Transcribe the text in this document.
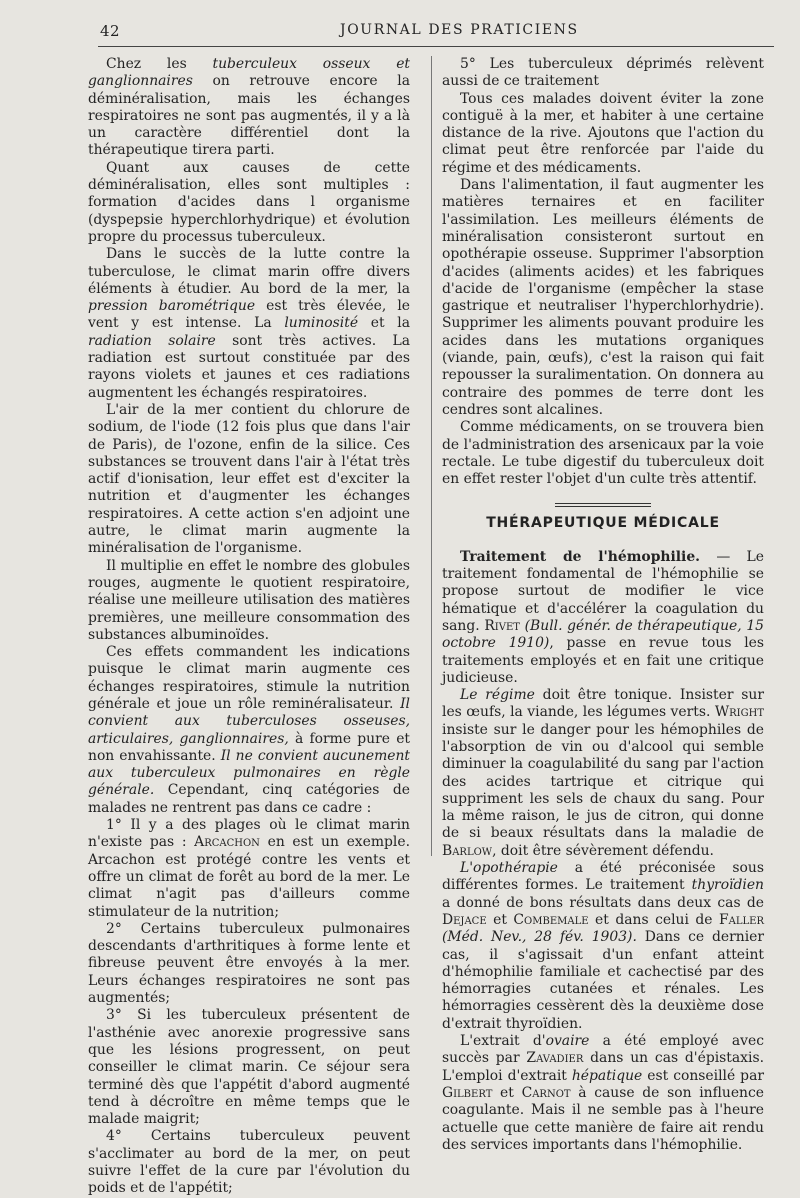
42	JOURNAL DES PRATICIENS

Chez les tuberculeux osseux et ganglionnaires on retrouve encore la déminéralisation, mais les échanges respiratoires ne sont pas augmentés, il y a là un caractère différentiel dont la thérapeutique tirera parti.

Quant aux causes de cette déminéralisation, elles sont multiples : formation d'acides dans l organisme (dyspepsie hyperchlorhydrique) et évolution propre du processus tuberculeux.

Dans le succès de la lutte contre la tuberculose, le climat marin offre divers éléments à étudier. Au bord de la mer, la pression barométrique est très élevée, le vent y est intense. La luminosité et la radiation solaire sont très actives. La radiation est surtout constituée par des rayons violets et jaunes et ces radiations augmentent les échangés respiratoires.

L'air de la mer contient du chlorure de sodium, de l'iode (12 fois plus que dans l'air de Paris), de l'ozone, enfin de la silice. Ces substances se trouvent dans l'air à l'état très actif d'ionisation, leur effet est d'exciter la nutrition et d'augmenter les échanges respiratoires. A cette action s'en adjoint une autre, le climat marin augmente la minéralisation de l'organisme.

Il multiplie en effet le nombre des globules rouges, augmente le quotient respiratoire, réalise une meilleure utilisation des matières premières, une meilleure consommation des substances albuminoïdes.

Ces effets commandent les indications puisque le climat marin augmente ces échanges respiratoires, stimule la nutrition générale et joue un rôle reminéralisateur. Il convient aux tuberculoses osseuses, articulaires, ganglionnaires, à forme pure et non envahissante. Il ne convient aucunement aux tuberculeux pulmonaires en règle générale. Cependant, cinq catégories de malades ne rentrent pas dans ce cadre :

1° Il y a des plages où le climat marin n'existe pas : Arcachon en est un exemple. Arcachon est protégé contre les vents et offre un climat de forêt au bord de la mer. Le climat n'agit pas d'ailleurs comme stimulateur de la nutrition;

2° Certains tuberculeux pulmonaires descendants d'arthritiques à forme lente et fibreuse peuvent être envoyés à la mer. Leurs échanges respiratoires ne sont pas augmentés;

3° Si les tuberculeux présentent de l'asthénie avec anorexie progressive sans que les lésions progressent, on peut conseiller le climat marin. Ce séjour sera terminé dès que l'appétit d'abord augmenté tend à décroître en même temps que le malade maigrit;

4° Certains tuberculeux peuvent s'acclimater au bord de la mer, on peut suivre l'effet de la cure par l'évolution du poids et de l'appétit;

5° Les tuberculeux déprimés relèvent aussi de ce traitement

Tous ces malades doivent éviter la zone contiguë à la mer, et habiter à une certaine distance de la rive. Ajoutons que l'action du climat peut être renforcée par l'aide du régime et des médicaments.

Dans l'alimentation, il faut augmenter les matières ternaires et en faciliter l'assimilation. Les meilleurs éléments de minéralisation consisteront surtout en opothérapie osseuse. Supprimer l'absorption d'acides (aliments acides) et les fabriques d'acide de l'organisme (empêcher la stase gastrique et neutraliser l'hyperchlorhydrie). Supprimer les aliments pouvant produire les acides dans les mutations organiques (viande, pain, œufs), c'est la raison qui fait repousser la suralimentation. On donnera au contraire des pommes de terre dont les cendres sont alcalines.

Comme médicaments, on se trouvera bien de l'administration des arsenicaux par la voie rectale. Le tube digestif du tuberculeux doit en effet rester l'objet d'un culte très attentif.

THÉRAPEUTIQUE MÉDICALE

Traitement de l'hémophilie. — Le traitement fondamental de l'hémophilie se propose surtout de modifier le vice hématique et d'accélérer la coagulation du sang. Rivet (Bull. génér. de thérapeutique, 15 octobre 1910), passe en revue tous les traitements employés et en fait une critique judicieuse.

Le régime doit être tonique. Insister sur les œufs, la viande, les légumes verts. Wright insiste sur le danger pour les hémophiles de l'absorption de vin ou d'alcool qui semble diminuer la coagulabilité du sang par l'action des acides tartrique et citrique qui suppriment les sels de chaux du sang. Pour la même raison, le jus de citron, qui donne de si beaux résultats dans la maladie de Barlow, doit être sévèrement défendu.

L'opothérapie a été préconisée sous différentes formes. Le traitement thyroïdien a donné de bons résultats dans deux cas de Dejace et Combemale et dans celui de Faller (Méd. Nev., 28 fév. 1903). Dans ce dernier cas, il s'agissait d'un enfant atteint d'hémophilie familiale et cachectisé par des hémorragies cutanées et rénales. Les hémorragies cessèrent dès la deuxième dose d'extrait thyroïdien.

L'extrait d'ovaire a été employé avec succès par Zavadier dans un cas d'épistaxis. L'emploi d'extrait hépatique est conseillé par Gilbert et Carnot à cause de son influence coagulante. Mais il ne semble pas à l'heure actuelle que cette manière de faire ait rendu des services importants dans l'hémophilie.
